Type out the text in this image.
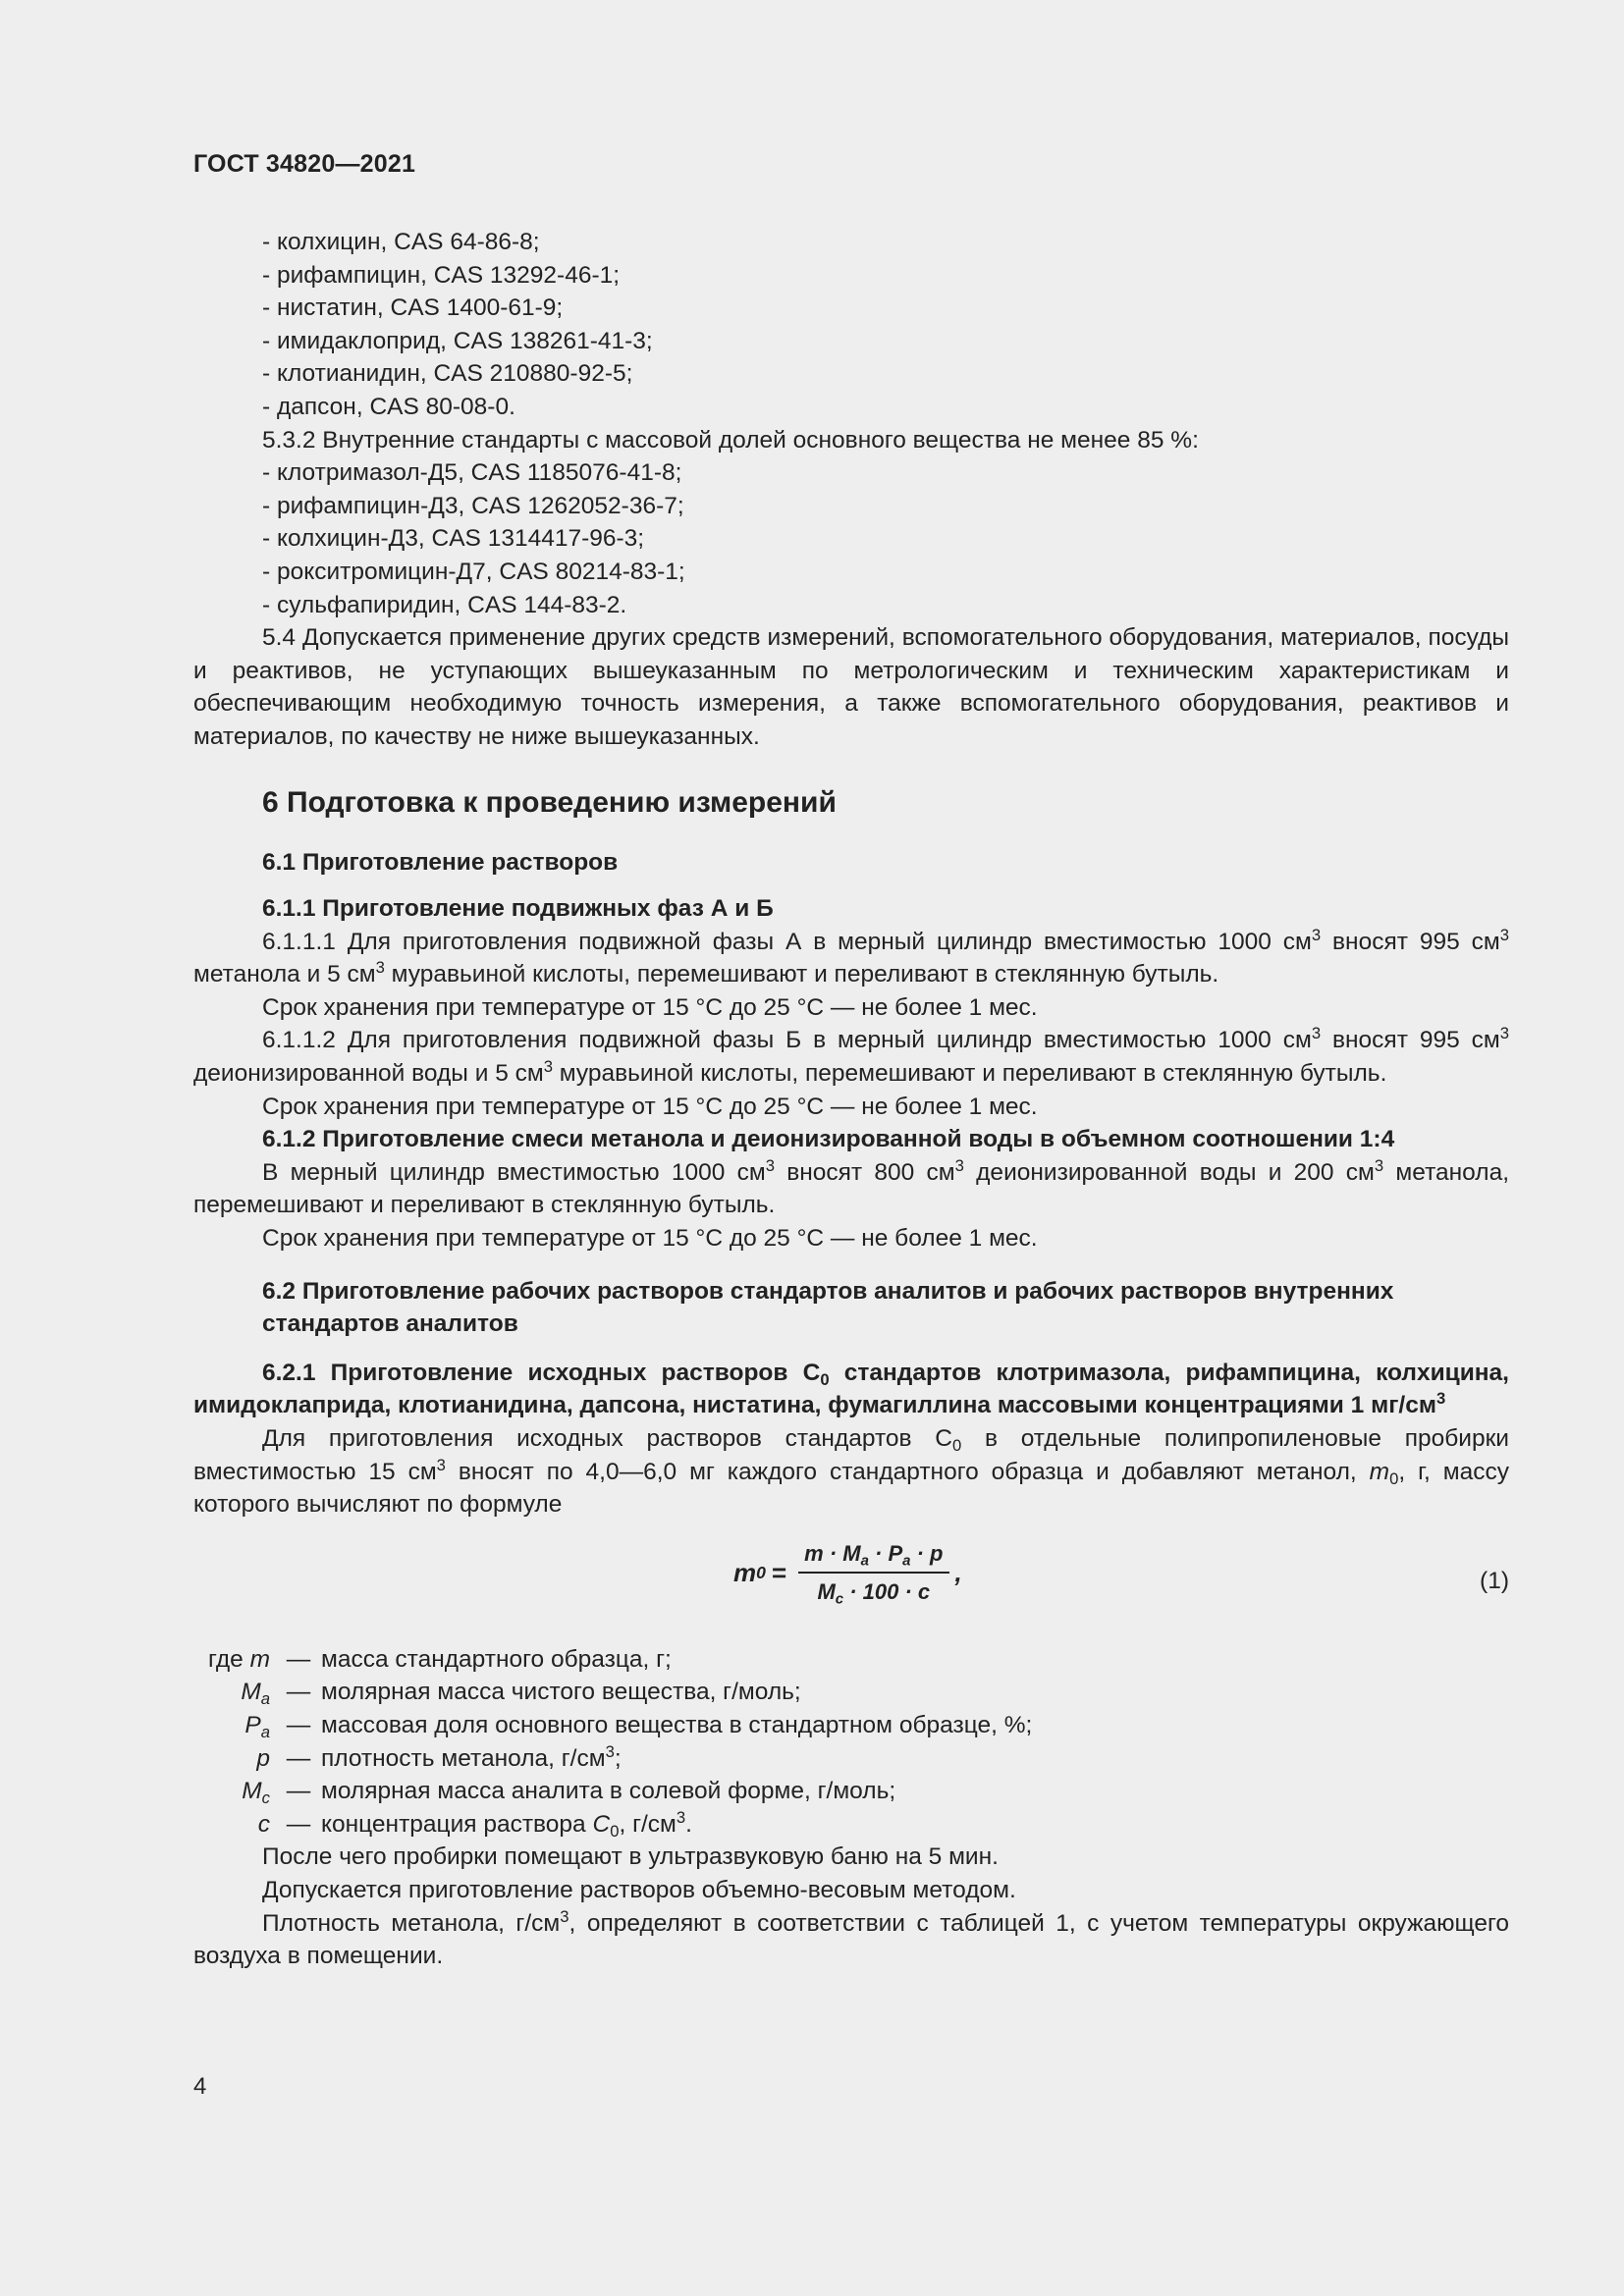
ГОСТ 34820—2021

- колхицин, CAS 64-86-8;

- рифампицин, CAS 13292-46-1;

- нистатин, CAS 1400-61-9;

- имидаклоприд, CAS 138261-41-3;

- клотианидин, CAS 210880-92-5;

- дапсон, CAS 80-08-0.

5.3.2 Внутренние стандарты с массовой долей основного вещества не менее 85 %:

- клотримазол-Д5, CAS 1185076-41-8;

- рифампицин-Д3, CAS 1262052-36-7;

- колхицин-Д3, CAS 1314417-96-3;

- рокситромицин-Д7, CAS 80214-83-1;

- сульфапиридин, CAS 144-83-2.

5.4 Допускается применение других средств измерений, вспомогательного оборудования, материалов, посуды и реактивов, не уступающих вышеуказанным по метрологическим и техническим характеристикам и обеспечивающим необходимую точность измерения, а также вспомогательного оборудования, реактивов и материалов, по качеству не ниже вышеуказанных.

6 Подготовка к проведению измерений

6.1 Приготовление растворов

6.1.1 Приготовление подвижных фаз А и Б

6.1.1.1 Для приготовления подвижной фазы А в мерный цилиндр вместимостью 1000 $см^3$ вносят 995 $см^3$ метанола и 5 $см^3$ муравьиной кислоты, перемешивают и переливают в стеклянную бутыль.

Срок хранения при температуре от 15 °С до 25 °С — не более 1 мес.

6.1.1.2 Для приготовления подвижной фазы Б в мерный цилиндр вместимостью 1000 $см^3$ вносят 995 $см^3$ деионизированной воды и 5 $см^3$ муравьиной кислоты, перемешивают и переливают в стеклянную бутыль.

Срок хранения при температуре от 15 °С до 25 °С — не более 1 мес.

6.1.2 Приготовление смеси метанола и деионизированной воды в объемном соотношении 1:4

В мерный цилиндр вместимостью 1000 $см^3$ вносят 800 $см^3$ деионизированной воды и 200 $см^3$ метанола, перемешивают и переливают в стеклянную бутыль.

Срок хранения при температуре от 15 °С до 25 °С — не более 1 мес.

6.2 Приготовление рабочих растворов стандартов аналитов и рабочих растворов внутренних стандартов аналитов

6.2.1 Приготовление исходных растворов $С_0$ стандартов клотримазола, рифампицина, колхицина, имидоклаприда, клотианидина, дапсона, нистатина, фумагиллина массовыми концентрациями 1 $мг/см^3$

Для приготовления исходных растворов стандартов $С_0$ в отдельные полипропиленовые пробирки вместимостью 15 $см^3$ вносят по 4,0—6,0 мг каждого стандартного образца и добавляют метанол, $m_0$, г, массу которого вычисляют по формуле

m $0 = \frac{m \cdot M_a \cdot P_a \cdot p}{M_c \cdot 100 \cdot c}$ ,	(1)
где m — масса стандартного образца, г;
$M_a$ — молярная масса чистого вещества, г/моль;
$P_a$ — массовая доля основного вещества в стандартном образце, %;
p — плотность метанола, $г/см^3$;
$M_c$ — молярная масса аналита в солевой форме, г/моль;
c — концентрация раствора $C_0$, $г/см^3$.

После чего пробирки помещают в ультразвуковую баню на 5 мин.

Допускается приготовление растворов объемно-весовым методом.

Плотность метанола, $г/см^3$, определяют в соответствии с таблицей 1, с учетом температуры окружающего воздуха в помещении.

4
